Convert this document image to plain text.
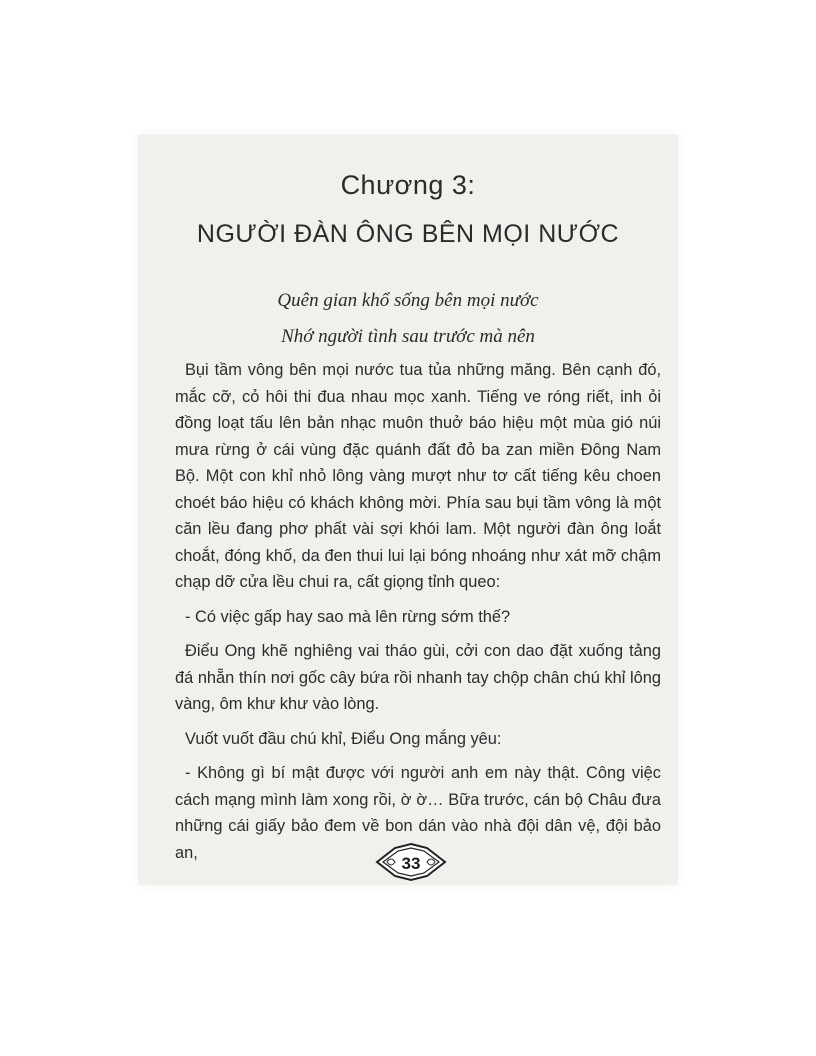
Chương 3:
NGƯỜI ĐÀN ÔNG BÊN MỌI NƯỚC
Quên gian khổ sống bên mọi nước
Nhớ người tình sau trước mà nên

Bụi tầm vông bên mọi nước tua tủa những măng. Bên cạnh đó, mắc cỡ, cỏ hôi thi đua nhau mọc xanh. Tiếng ve róng riết, inh ỏi đồng loạt tấu lên bản nhạc muôn thuở báo hiệu một mùa gió núi mưa rừng ở cái vùng đặc quánh đất đỏ ba zan miền Đông Nam Bộ. Một con khỉ nhỏ lông vàng mượt như tơ cất tiếng kêu choen choét báo hiệu có khách không mời. Phía sau bụi tầm vông là một căn lều đang phơ phất vài sợi khói lam. Một người đàn ông loắt choắt, đóng khố, da đen thui lui lại bóng nhoáng như xát mỡ chậm chạp dỡ cửa lều chui ra, cất giọng tỉnh queo:

- Có việc gấp hay sao mà lên rừng sớm thế?

Điểu Ong khẽ nghiêng vai tháo gùi, cởi con dao đặt xuống tảng đá nhẵn thín nơi gốc cây bứa rồi nhanh tay chộp chân chú khỉ lông vàng, ôm khư khư vào lòng.

Vuốt vuốt đầu chú khỉ, Điểu Ong mắng yêu:

- Không gì bí mật được với người anh em này thật. Công việc cách mạng mình làm xong rồi, ờ ờ… Bữa trước, cán bộ Châu đưa những cái giấy bảo đem về bon dán vào nhà đội dân vệ, đội bảo an,

33
